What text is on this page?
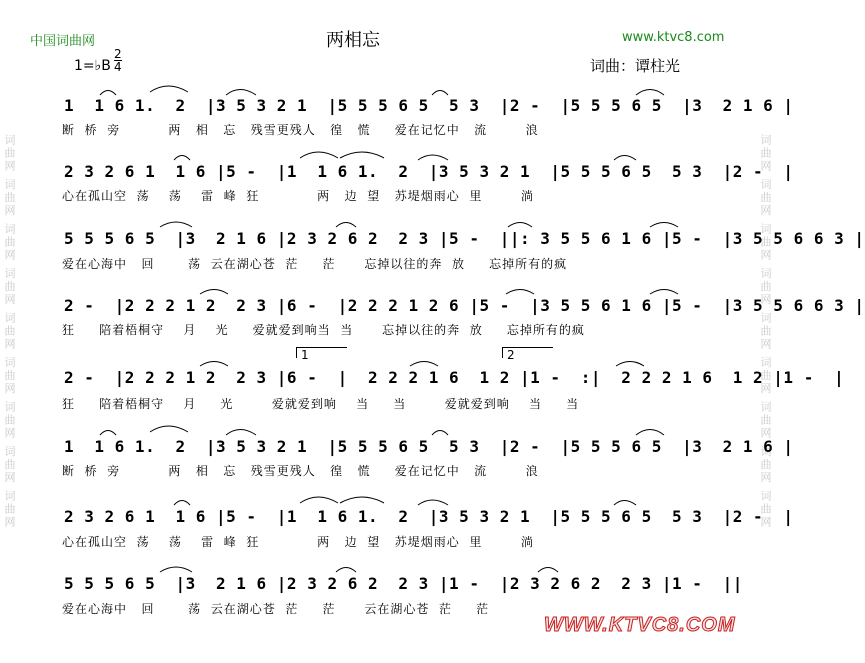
词曲网 词曲网 词曲网 词曲网 词曲网 词曲网 词曲网 词曲网 词曲网	词曲网 词曲网 词曲网 词曲网 词曲网 词曲网 词曲网 词曲网 词曲网
中国词曲网	两相忘	www.ktvc8.com
1=♭B $\frac{2}{4}$	词曲：谭柱光
1  1 6 1.  2  |3 5 3 2 1  |5 5 5 6 5  5 3  |2 -  |5 5 5 6 5  |3  2 1 6 |
断  桥  旁          两   相   忘   残雪更残人   徨   慌     爱在记忆中   流        浪
2 3 2 6 1  1 6 |5 -  |1  1 6 1.  2  |3 5 3 2 1  |5 5 5 6 5  5 3  |2 -  |
心在孤山空  荡    荡    雷  峰  狂            两   边  望   苏堤烟雨心  里        淌
5 5 5 6 5  |3  2 1 6 |2 3 2 6 2  2 3 |5 -  ||: 3 5 5 6 1 6 |5 -  |3 5 5 6 6 3 |
爱在心海中   回       荡  云在湖心苍  茫     茫      忘掉以往的奔  放     忘掉所有的疯
2 -  |2 2 2 1 2  2 3 |6 -  |2 2 2 1 2 6 |5 -  |3 5 5 6 1 6 |5 -  |3 5 5 6 6 3 |
狂     陪着梧桐守    月    光     爱就爱到响当  当      忘掉以往的奔  放     忘掉所有的疯
1	2
2 -  |2 2 2 1 2  2 3 |6 -  |  2 2 2 1 6  1 2 |1 -  :|  2 2 2 1 6  1 2 |1 -  |
狂     陪着梧桐守    月     光        爱就爱到响    当     当        爱就爱到响    当     当
1  1 6 1.  2  |3 5 3 2 1  |5 5 5 6 5  5 3  |2 -  |5 5 5 6 5  |3  2 1 6 |
断  桥  旁          两   相   忘   残雪更残人   徨   慌     爱在记忆中   流        浪
2 3 2 6 1  1 6 |5 -  |1  1 6 1.  2  |3 5 3 2 1  |5 5 5 6 5  5 3  |2 -  |
心在孤山空  荡    荡    雷  峰  狂            两   边  望   苏堤烟雨心  里        淌
5 5 5 6 5  |3  2 1 6 |2 3 2 6 2  2 3 |1 -  |2 3 2 6 2  2 3 |1 -  ||
爱在心海中   回       荡  云在湖心苍  茫     茫      云在湖心苍  茫     茫
WWW.KTVC8.COM
